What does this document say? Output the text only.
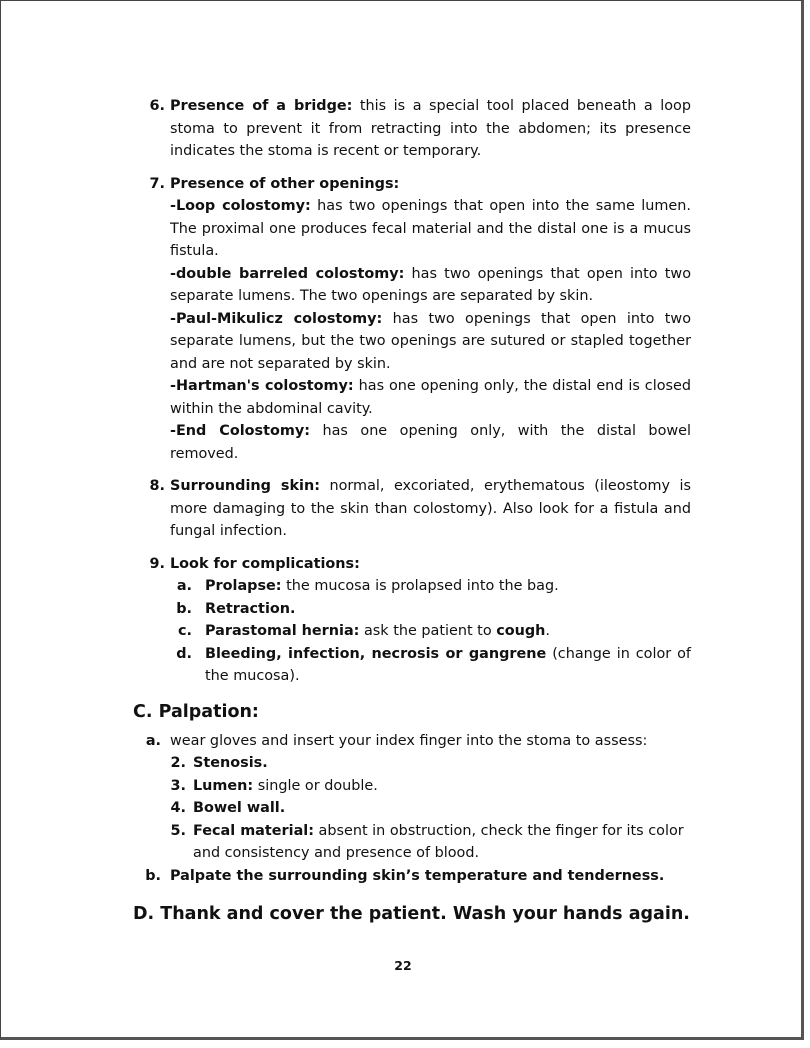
6. Presence of a bridge: this is a special tool placed beneath a loop stoma to prevent it from retracting into the abdomen; its presence indicates the stoma is recent or temporary.
7. Presence of other openings:

-Loop colostomy: has two openings that open into the same lumen. The proximal one produces fecal material and the distal one is a mucus fistula.

-double barreled colostomy: has two openings that open into two separate lumens. The two openings are separated by skin.

-Paul-Mikulicz colostomy: has two openings that open into two separate lumens, but the two openings are sutured or stapled together and are not separated by skin.

-Hartman's colostomy: has one opening only, the distal end is closed within the abdominal cavity.

-End Colostomy: has one opening only, with the distal bowel removed.

8. Surrounding skin: normal, excoriated, erythematous (ileostomy is more damaging to the skin than colostomy). Also look for a fistula and fungal infection.
9. Look for complications:
a. Prolapse: the mucosa is prolapsed into the bag.
b. Retraction.
c. Parastomal hernia: ask the patient to cough.
d. Bleeding, infection, necrosis or gangrene (change in color of the mucosa).
C. Palpation:
a. wear gloves and insert your index finger into the stoma to assess:
2. Stenosis.
3. Lumen: single or double.
4. Bowel wall.
5. Fecal material: absent in obstruction, check the finger for its color and consistency and presence of blood.
b. Palpate the surrounding skin’s temperature and tenderness.
D. Thank and cover the patient. Wash your hands again.
22
